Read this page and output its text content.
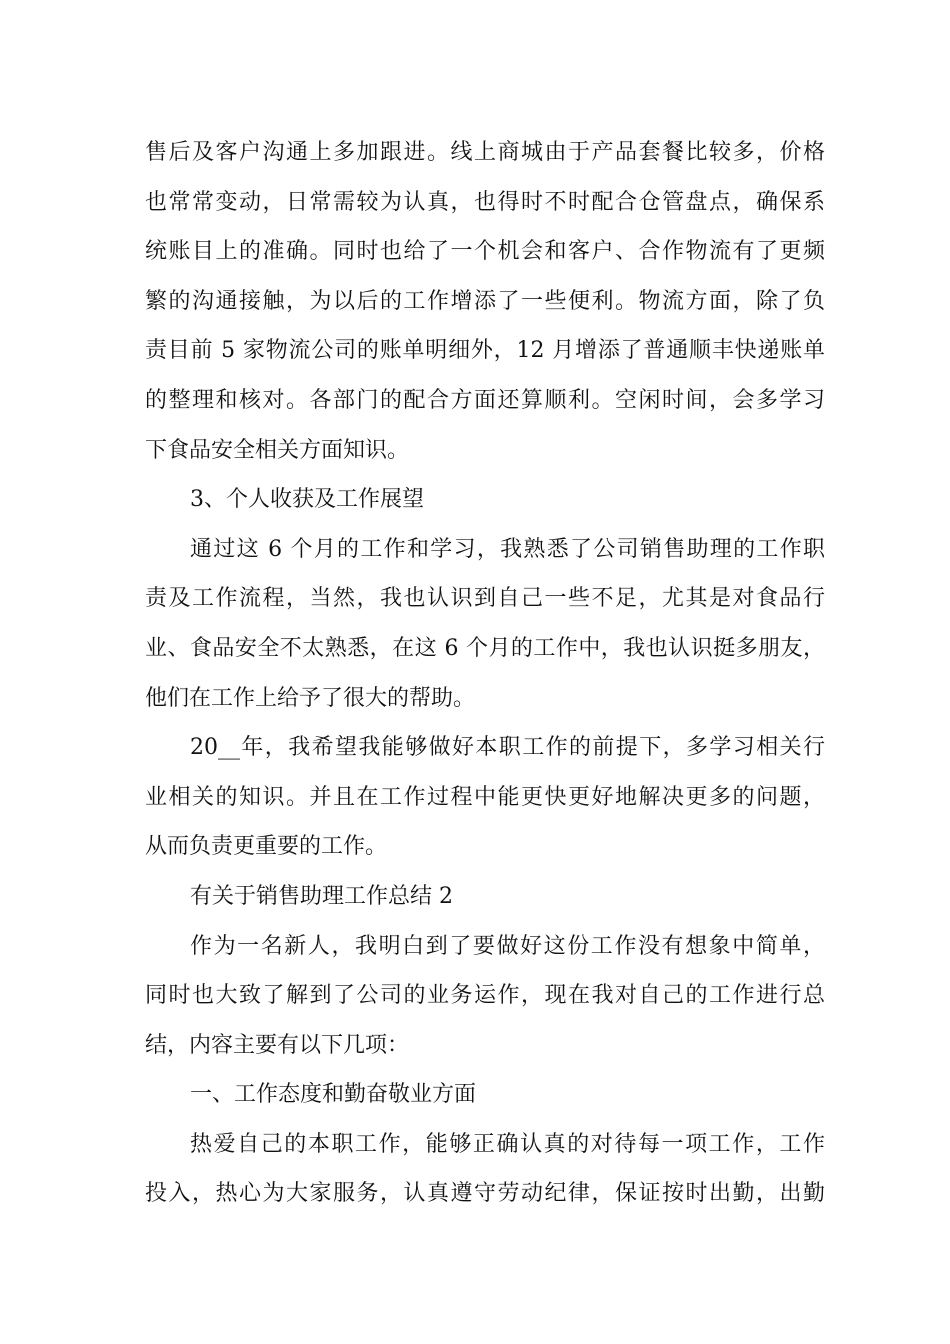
售后及客户沟通上多加跟进。线上商城由于产品套餐比较多，价格
也常常变动，日常需较为认真，也得时不时配合仓管盘点，确保系
统账目上的准确。同时也给了一个机会和客户、合作物流有了更频
繁的沟通接触，为以后的工作增添了一些便利。物流方面，除了负
责目前 5 家物流公司的账单明细外，12 月增添了普通顺丰快递账单
的整理和核对。各部门的配合方面还算顺利。空闲时间，会多学习
下食品安全相关方面知识。
3、个人收获及工作展望
通过这 6 个月的工作和学习，我熟悉了公司销售助理的工作职
责及工作流程，当然，我也认识到自己一些不足，尤其是对食品行
业、食品安全不太熟悉，在这 6 个月的工作中，我也认识挺多朋友，
他们在工作上给予了很大的帮助。
20__年，我希望我能够做好本职工作的前提下，多学习相关行
业相关的知识。并且在工作过程中能更快更好地解决更多的问题，
从而负责更重要的工作。
有关于销售助理工作总结 2
作为一名新人，我明白到了要做好这份工作没有想象中简单，
同时也大致了解到了公司的业务运作，现在我对自己的工作进行总
结，内容主要有以下几项：
一、工作态度和勤奋敬业方面
热爱自己的本职工作，能够正确认真的对待每一项工作，工作
投入，热心为大家服务，认真遵守劳动纪律，保证按时出勤，出勤
